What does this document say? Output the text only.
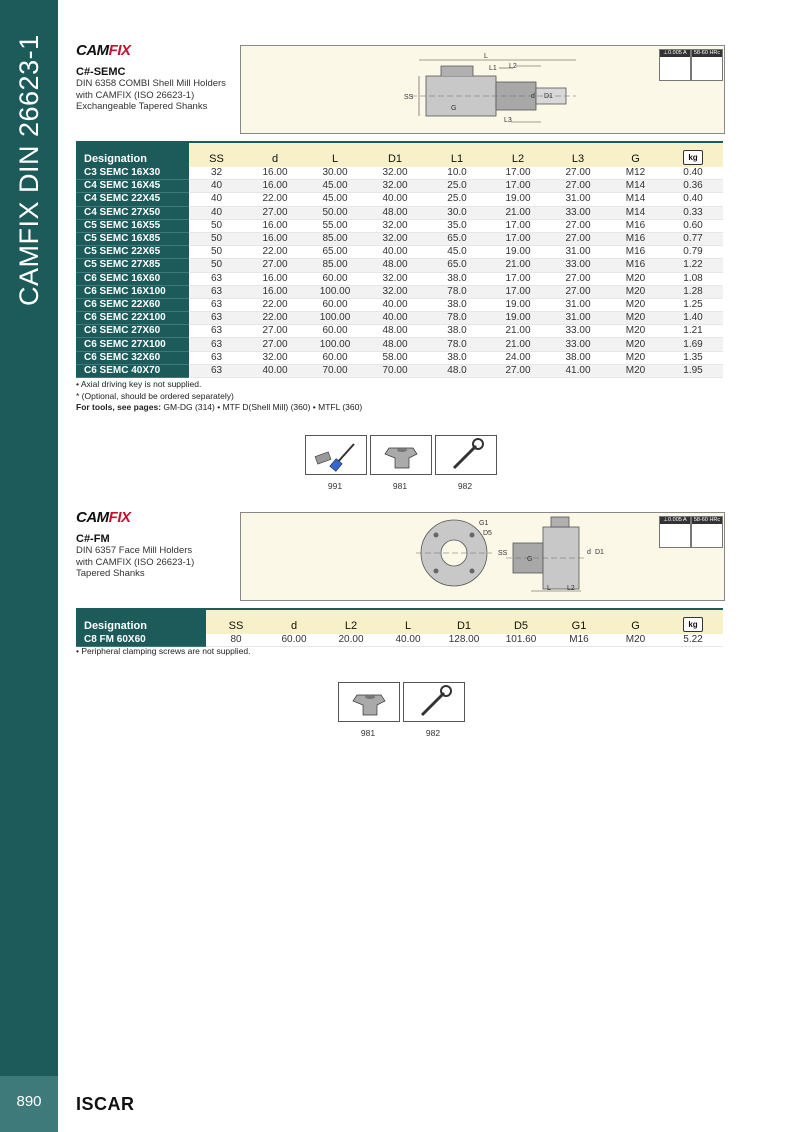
CAMFIX DIN 26623-1
890	ISCAR
CAMFIX
C#-SEMC
DIN 6358 COMBI Shell Mill Holders
with CAMFIX (ISO 26623-1)
Exchangeable Tapered Shanks
L
L1 L2
L3
SS
G
d D1
⊥0.005 A	58-60 HRc
Designation	SS	d	L	D1	L1	L2	L3	G	kg
C3 SEMC 16X30	32	16.00	30.00	32.00	10.0	17.00	27.00	M12	0.40
C4 SEMC 16X45	40	16.00	45.00	32.00	25.0	17.00	27.00	M14	0.36
C4 SEMC 22X45	40	22.00	45.00	40.00	25.0	19.00	31.00	M14	0.40
C4 SEMC 27X50	40	27.00	50.00	48.00	30.0	21.00	33.00	M14	0.33
C5 SEMC 16X55	50	16.00	55.00	32.00	35.0	17.00	27.00	M16	0.60
C5 SEMC 16X85	50	16.00	85.00	32.00	65.0	17.00	27.00	M16	0.77
C5 SEMC 22X65	50	22.00	65.00	40.00	45.0	19.00	31.00	M16	0.79
C5 SEMC 27X85	50	27.00	85.00	48.00	65.0	21.00	33.00	M16	1.22
C6 SEMC 16X60	63	16.00	60.00	32.00	38.0	17.00	27.00	M20	1.08
C6 SEMC 16X100	63	16.00	100.00	32.00	78.0	17.00	27.00	M20	1.28
C6 SEMC 22X60	63	22.00	60.00	40.00	38.0	19.00	31.00	M20	1.25
C6 SEMC 22X100	63	22.00	100.00	40.00	78.0	19.00	31.00	M20	1.40
C6 SEMC 27X60	63	27.00	60.00	48.00	38.0	21.00	33.00	M20	1.21
C6 SEMC 27X100	63	27.00	100.00	48.00	78.0	21.00	33.00	M20	1.69
C6 SEMC 32X60	63	32.00	60.00	58.00	38.0	24.00	38.00	M20	1.35
C6 SEMC 40X70	63	40.00	70.00	70.00	48.0	27.00	41.00	M20	1.95
• Axial driving key is not supplied.
* (Optional, should be ordered separately)
For tools, see pages: GM-DG (314) • MTF D(Shell Mill) (360) • MTFL (360)
991	981	982
CAMFIX
C#-FM
DIN 6357 Face Mill Holders
with CAMFIX (ISO 26623-1)
Tapered Shanks
G1
D5
SS
G
d D1
L L2
⊥0.005 A	58-60 HRc
Designation	SS	d	L2	L	D1	D5	G1	G	kg
C8 FM 60X60	80	60.00	20.00	40.00	128.00	101.60	M16	M20	5.22
• Peripheral clamping screws are not supplied.
981	982
